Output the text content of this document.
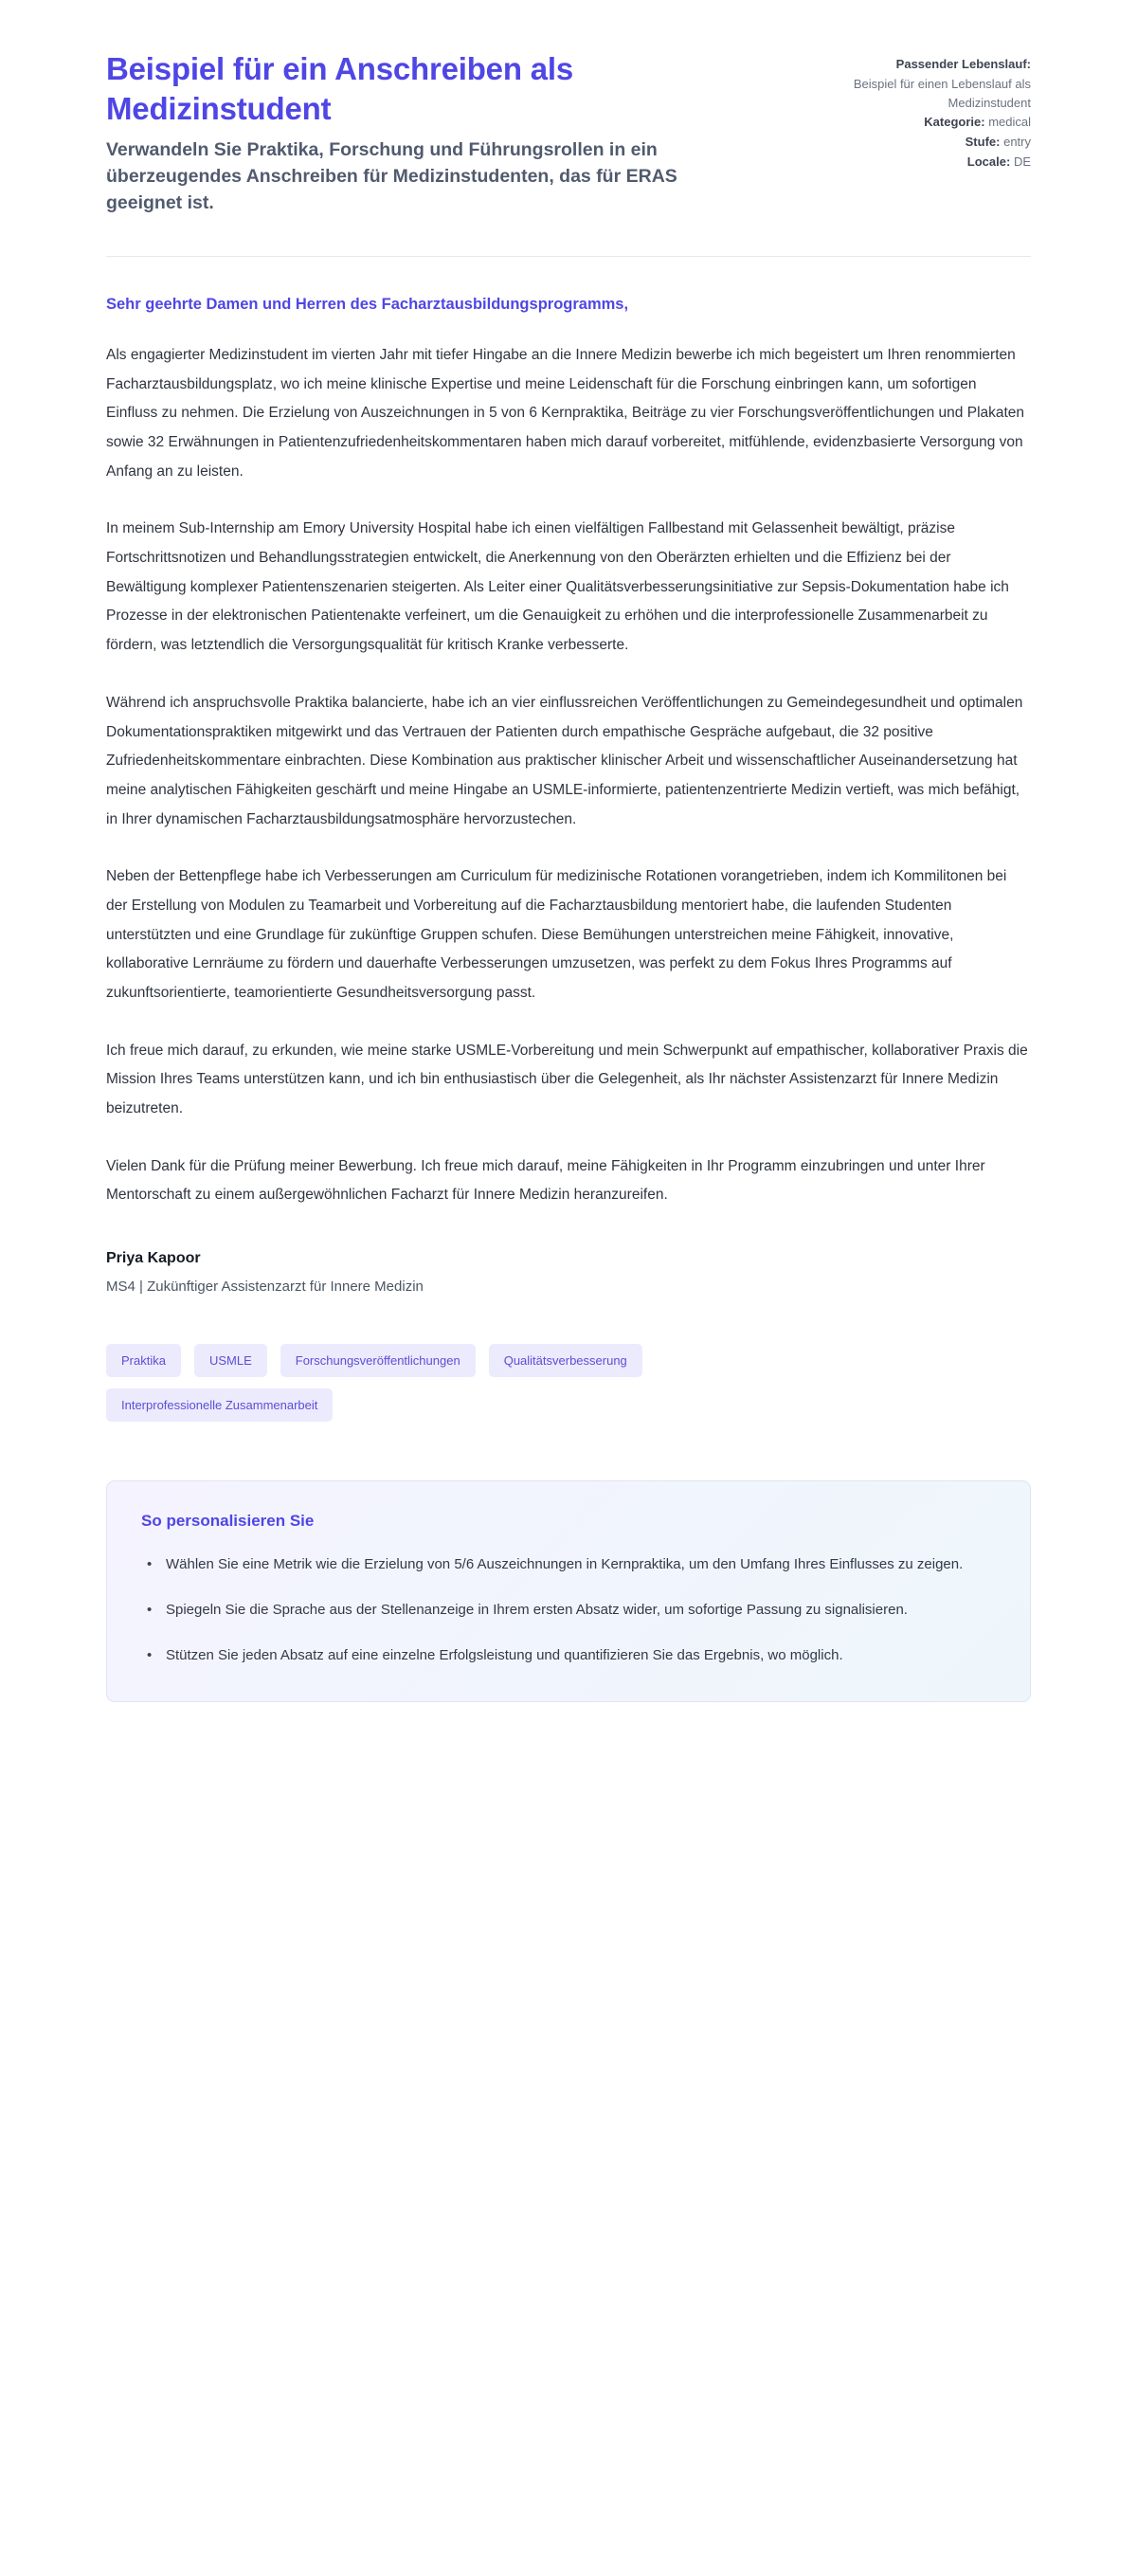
Beispiel für ein Anschreiben als Medizinstudent

Verwandeln Sie Praktika, Forschung und Führungsrollen in ein überzeugendes Anschreiben für Medizinstudenten, das für ERAS geeignet ist.

Passender Lebenslauf:
Beispiel für einen Lebenslauf als Medizinstudent
Kategorie: medical
Stufe: entry
Locale: DE

Sehr geehrte Damen und Herren des Facharztausbildungsprogramms,

Als engagierter Medizinstudent im vierten Jahr mit tiefer Hingabe an die Innere Medizin bewerbe ich mich begeistert um Ihren renommierten Facharztausbildungsplatz, wo ich meine klinische Expertise und meine Leidenschaft für die Forschung einbringen kann, um sofortigen Einfluss zu nehmen. Die Erzielung von Auszeichnungen in 5 von 6 Kernpraktika, Beiträge zu vier Forschungsveröffentlichungen und Plakaten sowie 32 Erwähnungen in Patientenzufriedenheitskommentaren haben mich darauf vorbereitet, mitfühlende, evidenzbasierte Versorgung von Anfang an zu leisten.

In meinem Sub-Internship am Emory University Hospital habe ich einen vielfältigen Fallbestand mit Gelassenheit bewältigt, präzise Fortschrittsnotizen und Behandlungsstrategien entwickelt, die Anerkennung von den Oberärzten erhielten und die Effizienz bei der Bewältigung komplexer Patientenszenarien steigerten. Als Leiter einer Qualitätsverbesserungsinitiative zur Sepsis-Dokumentation habe ich Prozesse in der elektronischen Patientenakte verfeinert, um die Genauigkeit zu erhöhen und die interprofessionelle Zusammenarbeit zu fördern, was letztendlich die Versorgungsqualität für kritisch Kranke verbesserte.

Während ich anspruchsvolle Praktika balancierte, habe ich an vier einflussreichen Veröffentlichungen zu Gemeindegesundheit und optimalen Dokumentationspraktiken mitgewirkt und das Vertrauen der Patienten durch empathische Gespräche aufgebaut, die 32 positive Zufriedenheitskommentare einbrachten. Diese Kombination aus praktischer klinischer Arbeit und wissenschaftlicher Auseinandersetzung hat meine analytischen Fähigkeiten geschärft und meine Hingabe an USMLE-informierte, patientenzentrierte Medizin vertieft, was mich befähigt, in Ihrer dynamischen Facharztausbildungsatmosphäre hervorzustechen.

Neben der Bettenpflege habe ich Verbesserungen am Curriculum für medizinische Rotationen vorangetrieben, indem ich Kommilitonen bei der Erstellung von Modulen zu Teamarbeit und Vorbereitung auf die Facharztausbildung mentoriert habe, die laufenden Studenten unterstützten und eine Grundlage für zukünftige Gruppen schufen. Diese Bemühungen unterstreichen meine Fähigkeit, innovative, kollaborative Lernräume zu fördern und dauerhafte Verbesserungen umzusetzen, was perfekt zu dem Fokus Ihres Programms auf zukunftsorientierte, teamorientierte Gesundheitsversorgung passt.

Ich freue mich darauf, zu erkunden, wie meine starke USMLE-Vorbereitung und mein Schwerpunkt auf empathischer, kollaborativer Praxis die Mission Ihres Teams unterstützen kann, und ich bin enthusiastisch über die Gelegenheit, als Ihr nächster Assistenzarzt für Innere Medizin beizutreten.

Vielen Dank für die Prüfung meiner Bewerbung. Ich freue mich darauf, meine Fähigkeiten in Ihr Programm einzubringen und unter Ihrer Mentorschaft zu einem außergewöhnlichen Facharzt für Innere Medizin heranzureifen.

Priya Kapoor

MS4 | Zukünftiger Assistenzarzt für Innere Medizin

Praktika	USMLE	Forschungsveröffentlichungen	Qualitätsverbesserung
Interprofessionelle Zusammenarbeit
So personalisieren Sie
• Wählen Sie eine Metrik wie die Erzielung von 5/6 Auszeichnungen in Kernpraktika, um den Umfang Ihres Einflusses zu zeigen.
• Spiegeln Sie die Sprache aus der Stellenanzeige in Ihrem ersten Absatz wider, um sofortige Passung zu signalisieren.
• Stützen Sie jeden Absatz auf eine einzelne Erfolgsleistung und quantifizieren Sie das Ergebnis, wo möglich.
